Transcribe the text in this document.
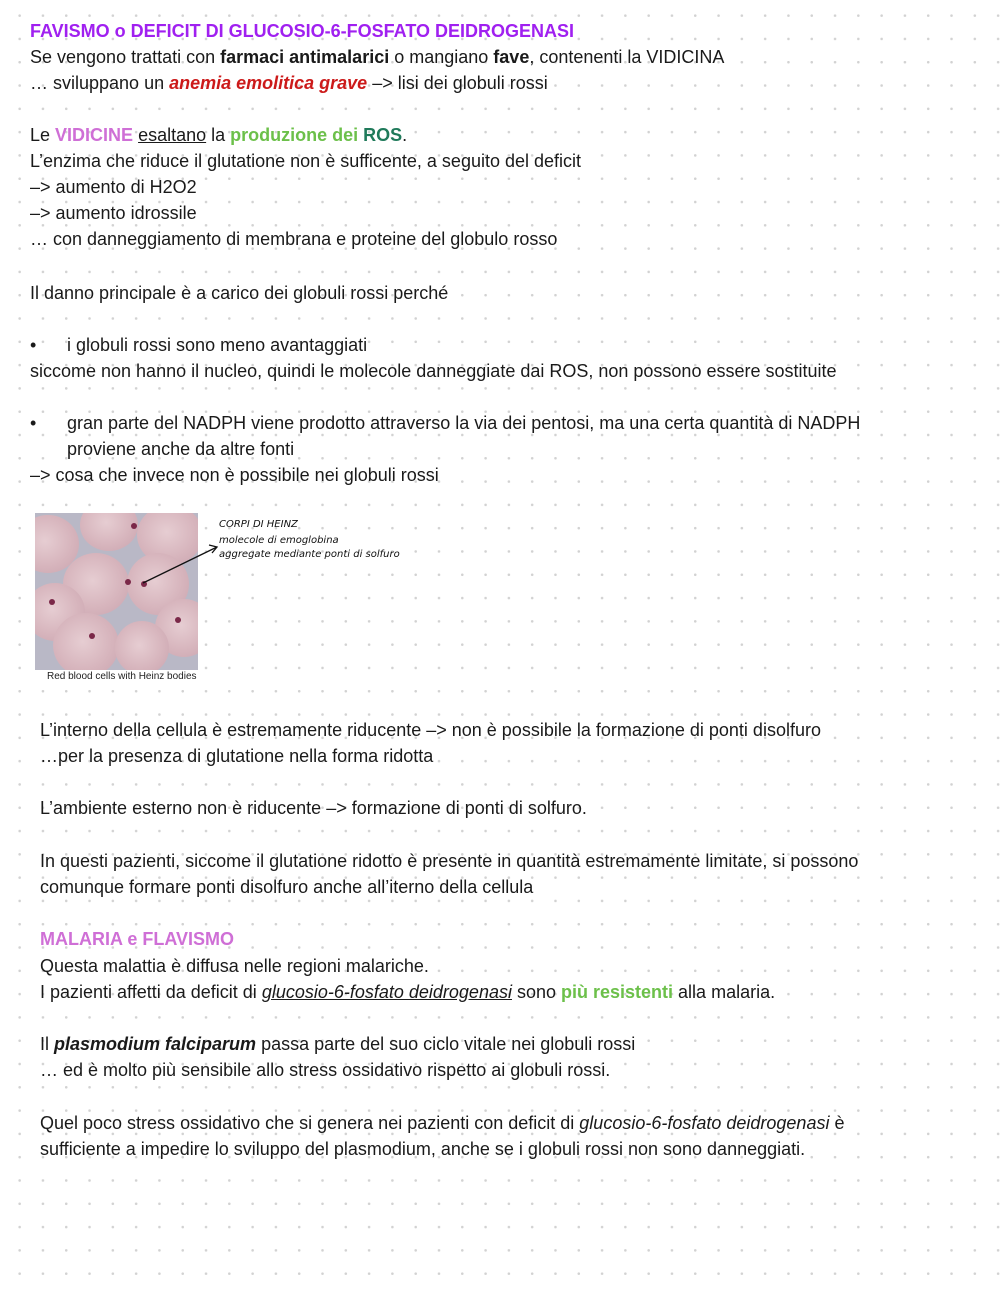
FAVISMO o DEFICIT DI GLUCOSIO-6-FOSFATO DEIDROGENASI
Se vengono trattati con farmaci antimalarici o mangiano fave, contenenti la VIDICINA
… sviluppano un anemia emolitica grave –> lisi dei globuli rossi
Le VIDICINE esaltano la produzione dei ROS.
L’enzima che riduce il glutatione non è sufficente, a seguito del deficit
–> aumento di H2O2
–> aumento idrossile
… con danneggiamento di membrana e proteine del globulo rosso
Il danno principale è a carico dei globuli rossi perché
• i globuli rossi sono meno avantaggiati
siccome non hanno il nucleo, quindi le molecole danneggiate dai ROS, non possono essere sostituite
• gran parte del NADPH viene prodotto attraverso la via dei pentosi, ma una certa quantità di NADPH
proviene anche da altre fonti
–> cosa che invece non è possibile nei globuli rossi
Red blood cells with Heinz bodies
CORPI DI HEINZ
molecole di emoglobina
aggregate mediante ponti di solfuro
L’interno della cellula è estremamente riducente –> non è possibile la formazione di ponti disolfuro
…per la presenza di glutatione nella forma ridotta
L’ambiente esterno non è riducente –> formazione di ponti di solfuro.
In questi pazienti, siccome il glutatione ridotto è presente in quantità estremamente limitate, si possono
comunque formare ponti disolfuro anche all’iterno della cellula
MALARIA e FLAVISMO
Questa malattia è diffusa nelle regioni malariche.
I pazienti affetti da deficit di glucosio-6-fosfato deidrogenasi sono più resistenti alla malaria.
Il plasmodium falciparum passa parte del suo ciclo vitale nei globuli rossi
… ed è molto più sensibile allo stress ossidativo rispetto ai globuli rossi.
Quel poco stress ossidativo che si genera nei pazienti con deficit di glucosio-6-fosfato deidrogenasi è
sufficiente a impedire lo sviluppo del plasmodium, anche se i globuli rossi non sono danneggiati.
